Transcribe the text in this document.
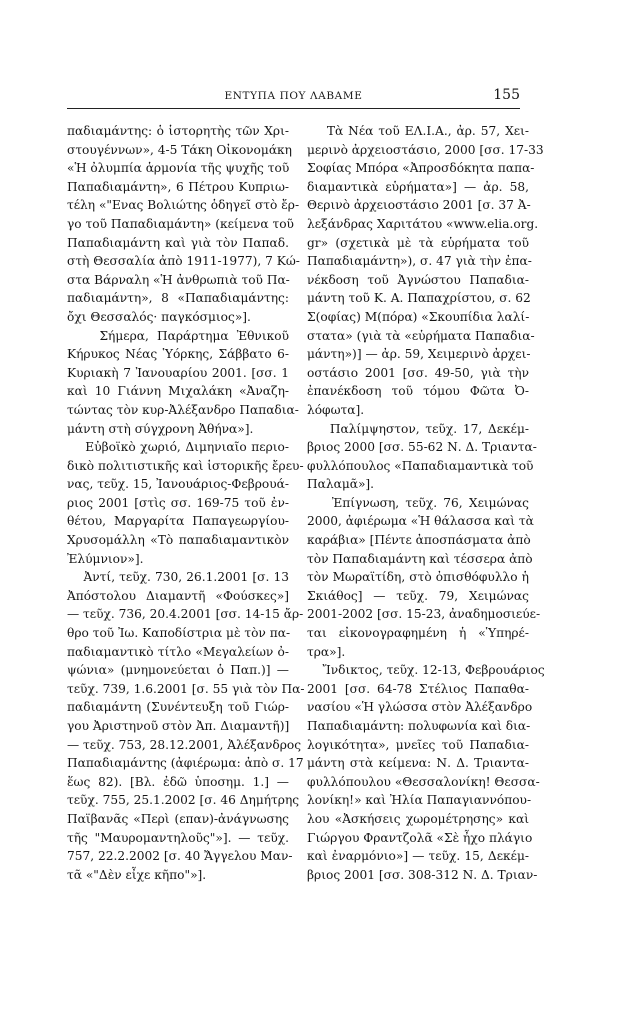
ΕΝΤΥΠΑ ΠΟΥ ΛΑΒΑΜΕ	155
παδιαμάντης: ὁ ἱστορητὴς τῶν Χρι-
στουγέννων», 4-5 Τάκη Οἰκονομάκη
«Ἡ ὀλυμπία ἁρμονία τῆς ψυχῆς τοῦ
Παπαδιαμάντη», 6 Πέτρου Κυπριω-
τέλη «"Ενας Βολιώτης ὁδηγεῖ στὸ ἔρ-
γο τοῦ Παπαδιαμάντη» (κείμενα τοῦ
Παπαδιαμάντη καὶ γιὰ τὸν Παπαδ.
στὴ Θεσσαλία ἀπὸ 1911-1977), 7 Κώ-
στα Βάρναλη «Ἡ ἀνθρωπιὰ τοῦ Πα-
παδιαμάντη», 8 «Παπαδιαμάντης:
ὄχι Θεσσαλός· παγκόσμιος»].
Σήμερα, Παράρτημα Ἐθνικοῦ
Κήρυκος Νέας Ὑόρκης, Σάββατο 6-
Κυριακὴ 7 Ἰανουαρίου 2001. [σσ. 1
καὶ 10 Γιάννη Μιχαλάκη «Ἀναζη-
τώντας τὸν κυρ-Ἀλέξανδρο Παπαδια-
μάντη στὴ σύγχρονη Ἀθήνα»].
Εὐβοϊκὸ χωριό, Διμηνιαῖο περιο-
δικὸ πολιτιστικῆς καὶ ἱστορικῆς ἔρευ-
νας, τεῦχ. 15, Ἰανουάριος-Φεβρουά-
ριος 2001 [στὶς σσ. 169-75 τοῦ ἐν-
θέτου, Μαργαρίτα Παπαγεωργίου-
Χρυσομάλλη «Τὸ παπαδιαμαντικὸν
Ἐλύμνιον»].
Ἀντί, τεῦχ. 730, 26.1.2001 [σ. 13
Ἀπόστολου Διαμαντῆ «Φούσκες»]
— τεῦχ. 736, 20.4.2001 [σσ. 14-15 ἄρ-
θρο τοῦ Ἰω. Καποδίστρια μὲ τὸν πα-
παδιαμαντικὸ τίτλο «Μεγαλείων ὀ-
ψώνια» (μνημονεύεται ὁ Παπ.)] —
τεῦχ. 739, 1.6.2001 [σ. 55 γιὰ τὸν Πα-
παδιαμάντη (Συνέντευξη τοῦ Γιώρ-
γου Ἀριστηνοῦ στὸν Ἀπ. Διαμαντῆ)]
— τεῦχ. 753, 28.12.2001, Ἀλέξανδρος
Παπαδιαμάντης (ἀφιέρωμα: ἀπὸ σ. 17
ἕως 82). [Βλ. ἐδῶ ὑποσημ. 1.] —
τεῦχ. 755, 25.1.2002 [σ. 46 Δημήτρης
Παϊβανᾶς «Περὶ (επαν)-ἀνάγνωσης
τῆς "Μαυρομαντηλοῦς"»]. — τεῦχ.
757, 22.2.2002 [σ. 40 Ἄγγελου Μαν-
τᾶ «"Δὲν εἶχε κῆπο"»].
Τὰ Νέα τοῦ ΕΛ.Ι.Α., ἀρ. 57, Χει-
μερινὸ ἀρχειοστάσιο, 2000 [σσ. 17-33
Σοφίας Μπόρα «Ἀπροσδόκητα παπα-
διαμαντικὰ εὑρήματα»] — ἀρ. 58,
Θερινὸ ἀρχειοστάσιο 2001 [σ. 37 Ἀ-
λεξάνδρας Χαριτάτου «www.elia.org.
gr» (σχετικὰ μὲ τὰ εὑρήματα τοῦ
Παπαδιαμάντη»), σ. 47 γιὰ τὴν ἐπα-
νέκδοση τοῦ Ἀγνώστου Παπαδια-
μάντη τοῦ Κ. Α. Παπαχρίστου, σ. 62
Σ(οφίας) Μ(πόρα) «Σκουπίδια λαλί-
στατα» (γιὰ τὰ «εὑρήματα Παπαδια-
μάντη»)] — ἀρ. 59, Χειμερινὸ ἀρχει-
οστάσιο 2001 [σσ. 49-50, γιὰ τὴν
ἐπανέκδοση τοῦ τόμου Φῶτα Ὀ-
λόφωτα].
Παλίμψηστον, τεῦχ. 17, Δεκέμ-
βριος 2000 [σσ. 55-62 Ν. Δ. Τριαντα-
φυλλόπουλος «Παπαδιαμαντικὰ τοῦ
Παλαμᾶ»].
Ἐπίγνωση, τεῦχ. 76, Χειμώνας
2000, ἀφιέρωμα «Ἡ θάλασσα καὶ τὰ
καράβια» [Πέντε ἀποσπάσματα ἀπὸ
τὸν Παπαδιαμάντη καὶ τέσσερα ἀπὸ
τὸν Μωραϊτίδη, στὸ ὀπισθόφυλλο ἡ
Σκιάθος] — τεῦχ. 79, Χειμώνας
2001-2002 [σσ. 15-23, ἀναδημοσιεύε-
ται εἰκονογραφημένη ἡ «Ὑπηρέ-
τρα»].
Ἴνδικτος, τεῦχ. 12-13, Φεβρουάριος
2001 [σσ. 64-78 Στέλιος Παπαθα-
νασίου «Ἡ γλώσσα στὸν Ἀλέξανδρο
Παπαδιαμάντη: πολυφωνία καὶ δια-
λογικότητα», μνεῖες τοῦ Παπαδια-
μάντη στὰ κείμενα: Ν. Δ. Τριαντα-
φυλλόπουλου «Θεσσαλονίκη! Θεσσα-
λονίκη!» καὶ Ἠλία Παπαγιαννόπου-
λου «Ἀσκήσεις χωρομέτρησης» καὶ
Γιώργου Φραντζολᾶ «Σὲ ἦχο πλάγιο
καὶ ἐναρμόνιο»] — τεῦχ. 15, Δεκέμ-
βριος 2001 [σσ. 308-312 Ν. Δ. Τριαν-
